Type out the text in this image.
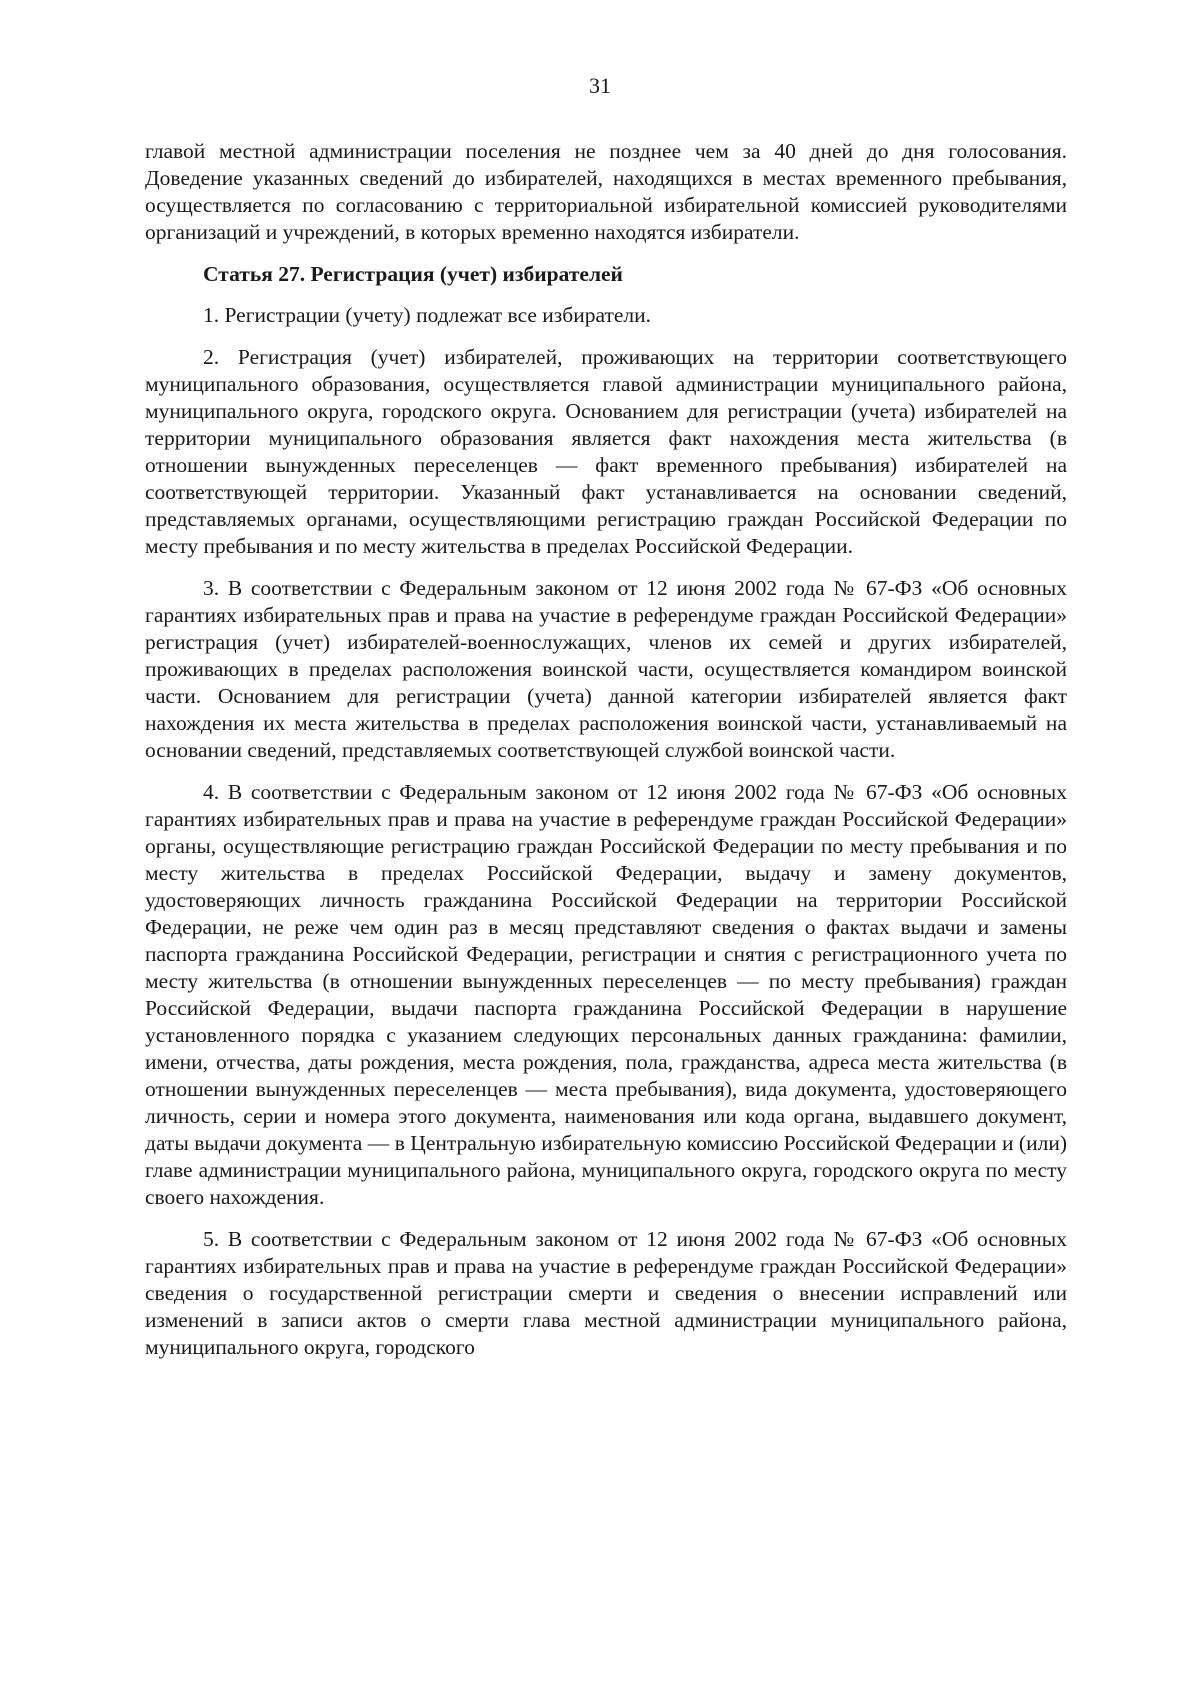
31

главой местной администрации поселения не позднее чем за 40 дней до дня голосования. Доведение указанных сведений до избирателей, находящихся в местах временного пребывания, осуществляется по согласованию с территориальной избирательной комиссией руководителями организаций и учреждений, в которых временно находятся избиратели.

Статья 27. Регистрация (учет) избирателей

1. Регистрации (учету) подлежат все избиратели.

2. Регистрация (учет) избирателей, проживающих на территории соответствующего муниципального образования, осуществляется главой администрации муниципального района, муниципального округа, городского округа. Основанием для регистрации (учета) избирателей на территории муниципального образования является факт нахождения места жительства (в отношении вынужденных переселенцев — факт временного пребывания) избирателей на соответствующей территории. Указанный факт устанавливается на основании сведений, представляемых органами, осуществляющими регистрацию граждан Российской Федерации по месту пребывания и по месту жительства в пределах Российской Федерации.

3. В соответствии с Федеральным законом от 12 июня 2002 года № 67-ФЗ «Об основных гарантиях избирательных прав и права на участие в референдуме граждан Российской Федерации» регистрация (учет) избирателей-военнослужащих, членов их семей и других избирателей, проживающих в пределах расположения воинской части, осуществляется командиром воинской части. Основанием для регистрации (учета) данной категории избирателей является факт нахождения их места жительства в пределах расположения воинской части, устанавливаемый на основании сведений, представляемых соответствующей службой воинской части.

4. В соответствии с Федеральным законом от 12 июня 2002 года № 67-ФЗ «Об основных гарантиях избирательных прав и права на участие в референдуме граждан Российской Федерации» органы, осуществляющие регистрацию граждан Российской Федерации по месту пребывания и по месту жительства в пределах Российской Федерации, выдачу и замену документов, удостоверяющих личность гражданина Российской Федерации на территории Российской Федерации, не реже чем один раз в месяц представляют сведения о фактах выдачи и замены паспорта гражданина Российской Федерации, регистрации и снятия с регистрационного учета по месту жительства (в отношении вынужденных переселенцев — по месту пребывания) граждан Российской Федерации, выдачи паспорта гражданина Российской Федерации в нарушение установленного порядка с указанием следующих персональных данных гражданина: фамилии, имени, отчества, даты рождения, места рождения, пола, гражданства, адреса места жительства (в отношении вынужденных переселенцев — места пребывания), вида документа, удостоверяющего личность, серии и номера этого документа, наименования или кода органа, выдавшего документ, даты выдачи документа — в Центральную избирательную комиссию Российской Федерации и (или) главе администрации муниципального района, муниципального округа, городского округа по месту своего нахождения.

5. В соответствии с Федеральным законом от 12 июня 2002 года № 67-ФЗ «Об основных гарантиях избирательных прав и права на участие в референдуме граждан Российской Федерации» сведения о государственной регистрации смерти и сведения о внесении исправлений или изменений в записи актов о смерти глава местной администрации муниципального района, муниципального округа, городского
